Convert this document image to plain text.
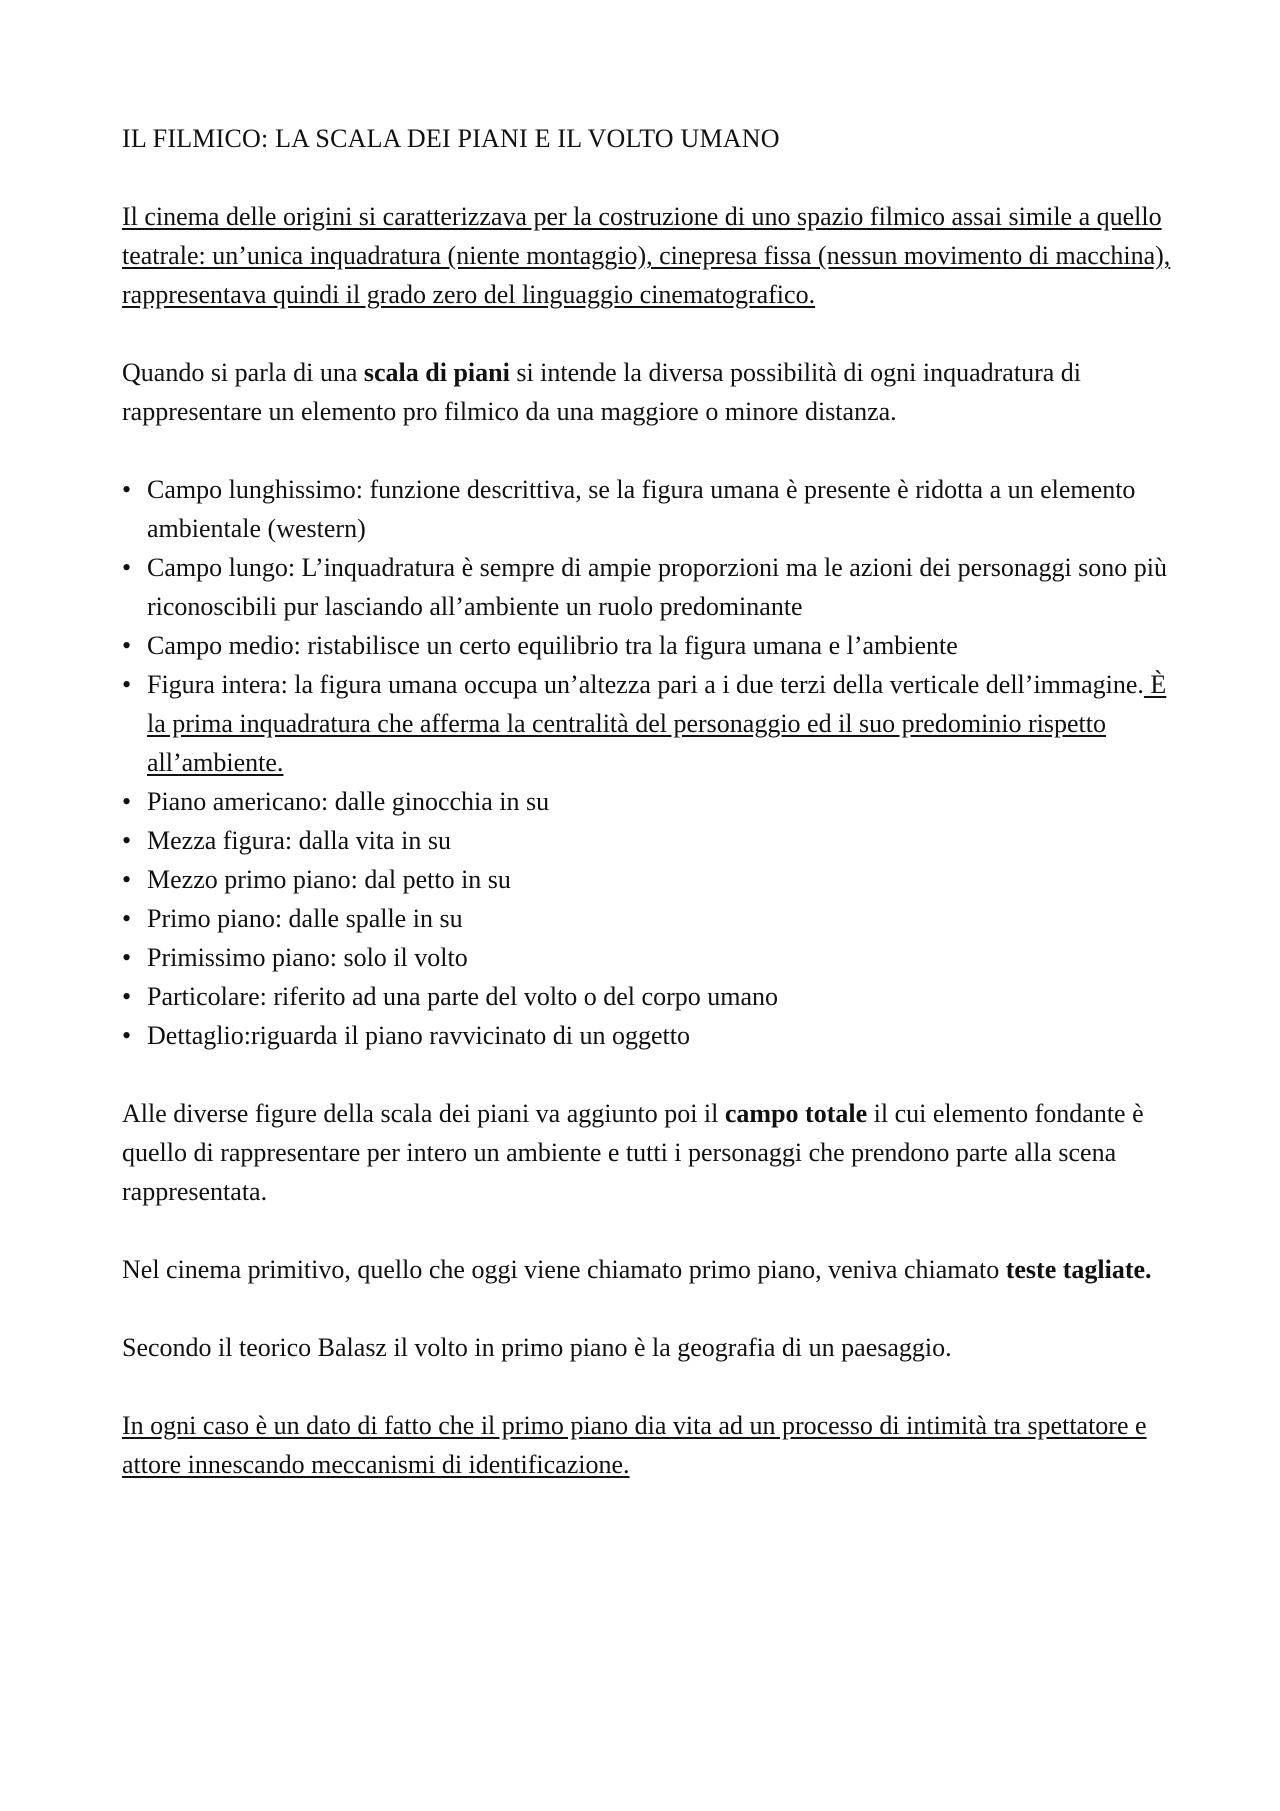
IL FILMICO: LA SCALA DEI PIANI E IL VOLTO UMANO

Il cinema delle origini si caratterizzava per la costruzione di uno spazio filmico assai simile a quello teatrale: un’unica inquadratura (niente montaggio), cinepresa fissa (nessun movimento di macchina), rappresentava quindi il grado zero del linguaggio cinematografico.

Quando si parla di una scala di piani si intende la diversa possibilità di ogni inquadratura di rappresentare un elemento pro filmico da una maggiore o minore distanza.

• Campo lunghissimo: funzione descrittiva, se la figura umana è presente è ridotta a un elemento ambientale (western)
• Campo lungo: L’inquadratura è sempre di ampie proporzioni ma le azioni dei personaggi sono più riconoscibili pur lasciando all’ambiente un ruolo predominante
• Campo medio: ristabilisce un certo equilibrio tra la figura umana e l’ambiente
• Figura intera: la figura umana occupa un’altezza pari a i due terzi della verticale dell’immagine. È la prima inquadratura che afferma la centralità del personaggio ed il suo predominio rispetto all’ambiente.
• Piano americano: dalle ginocchia in su
• Mezza figura: dalla vita in su
• Mezzo primo piano: dal petto in su
• Primo piano: dalle spalle in su
• Primissimo piano: solo il volto
• Particolare: riferito ad una parte del volto o del corpo umano
• Dettaglio:riguarda il piano ravvicinato di un oggetto

Alle diverse figure della scala dei piani va aggiunto poi il campo totale il cui elemento fondante è quello di rappresentare per intero un ambiente e tutti i personaggi che prendono parte alla scena rappresentata.

Nel cinema primitivo, quello che oggi viene chiamato primo piano, veniva chiamato teste tagliate.

Secondo il teorico Balasz il volto in primo piano è la geografia di un paesaggio.

In ogni caso è un dato di fatto che il primo piano dia vita ad un processo di intimità tra spettatore e attore innescando meccanismi di identificazione.
